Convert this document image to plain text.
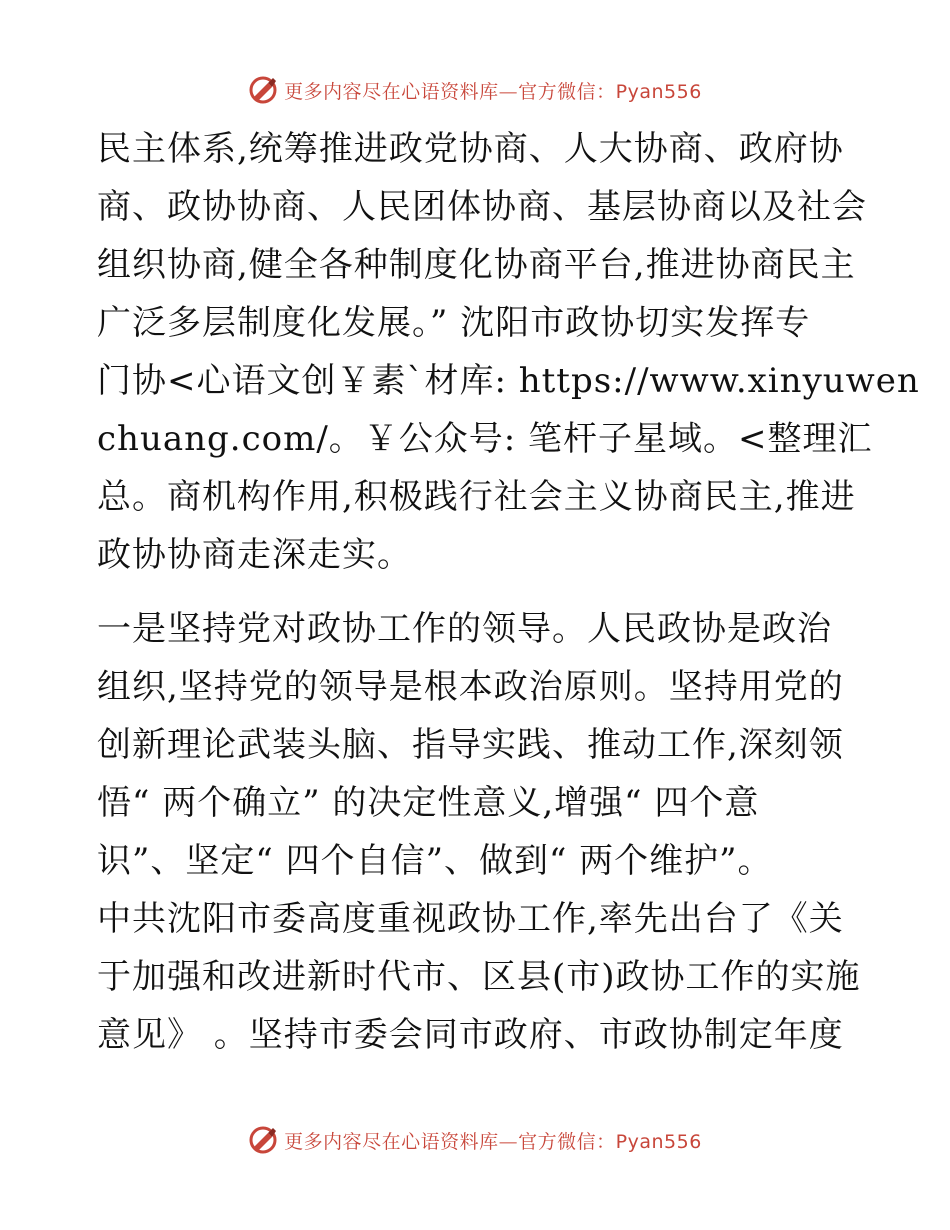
更多内容尽在心语资料库—官方微信：Pyan556
民主体系,统筹推进政党协商、人大协商、政府协
商、政协协商、人民团体协商、基层协商以及社会
组织协商,健全各种制度化协商平台,推进协商民主
广泛多层制度化发展。” 沈阳市政协切实发挥专
门协<心语文创￥素`材库: https://www.xinyuwen
chuang.com/。￥公众号: 笔杆子星域。<整理汇
总。商机构作用,积极践行社会主义协商民主,推进
政协协商走深走实。
一是坚持党对政协工作的领导。人民政协是政治
组织,坚持党的领导是根本政治原则。坚持用党的
创新理论武装头脑、指导实践、推动工作,深刻领
悟“ 两个确立” 的决定性意义,增强“ 四个意
识”、坚定“ 四个自信”、做到“ 两个维护”。
中共沈阳市委高度重视政协工作,率先出台了《关
于加强和改进新时代市、区县(市)政协工作的实施
意见》 。坚持市委会同市政府、市政协制定年度
更多内容尽在心语资料库—官方微信：Pyan556
